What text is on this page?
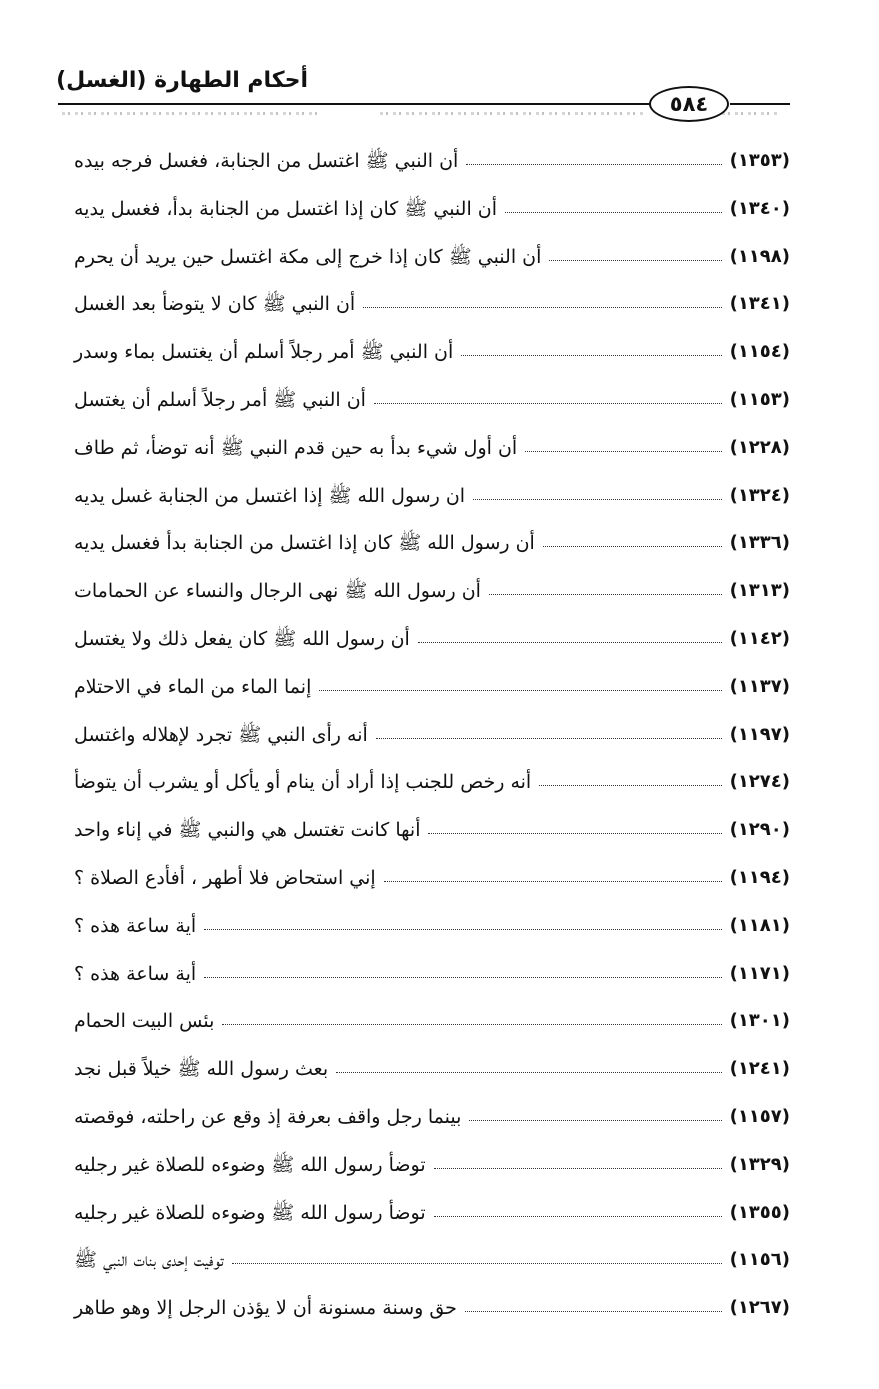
أحكام الطهارة (الغسل)
٥٨٤
أن النبي ﷺ اغتسل من الجنابة، فغسل فرجه بيده	(١٣٥٣)
أن النبي ﷺ كان إذا اغتسل من الجنابة بدأ، فغسل يديه	(١٣٤٠)
أن النبي ﷺ كان إذا خرج إلى مكة اغتسل حين يريد أن يحرم	(١١٩٨)
أن النبي ﷺ كان لا يتوضأ بعد الغسل	(١٣٤١)
أن النبي ﷺ أمر رجلاً أسلم أن يغتسل بماء وسدر	(١١٥٤)
أن النبي ﷺ أمر رجلاً أسلم أن يغتسل	(١١٥٣)
أن أول شيء بدأ به حين قدم النبي ﷺ أنه توضأ، ثم طاف	(١٢٢٨)
ان رسول الله ﷺ إذا اغتسل من الجنابة غسل يديه	(١٣٢٤)
أن رسول الله ﷺ كان إذا اغتسل من الجنابة بدأ فغسل يديه	(١٣٣٦)
أن رسول الله ﷺ نهى الرجال والنساء عن الحمامات	(١٣١٣)
أن رسول الله ﷺ كان يفعل ذلك ولا يغتسل	(١١٤٢)
إنما الماء من الماء في الاحتلام	(١١٣٧)
أنه رأى النبي ﷺ تجرد لإهلاله واغتسل	(١١٩٧)
أنه رخص للجنب إذا أراد أن ينام أو يأكل أو يشرب أن يتوضأ	(١٢٧٤)
أنها كانت تغتسل هي والنبي ﷺ في إناء واحد	(١٢٩٠)
إني استحاض فلا أطهر ، أفأدع الصلاة ؟	(١١٩٤)
أية ساعة هذه ؟	(١١٨١)
أية ساعة هذه ؟	(١١٧١)
بئس البيت الحمام	(١٣٠١)
بعث رسول الله ﷺ خيلاً قبل نجد	(١٢٤١)
بينما رجل واقف بعرفة إذ وقع عن راحلته، فوقصته	(١١٥٧)
توضأ رسول الله ﷺ وضوءه للصلاة غير رجليه	(١٣٢٩)
توضأ رسول الله ﷺ وضوءه للصلاة غير رجليه	(١٣٥٥)
توفيت إحدى بنات النبي ﷺ	(١١٥٦)
حق وسنة مسنونة أن لا يؤذن الرجل إلا وهو طاهر	(١٢٦٧)
